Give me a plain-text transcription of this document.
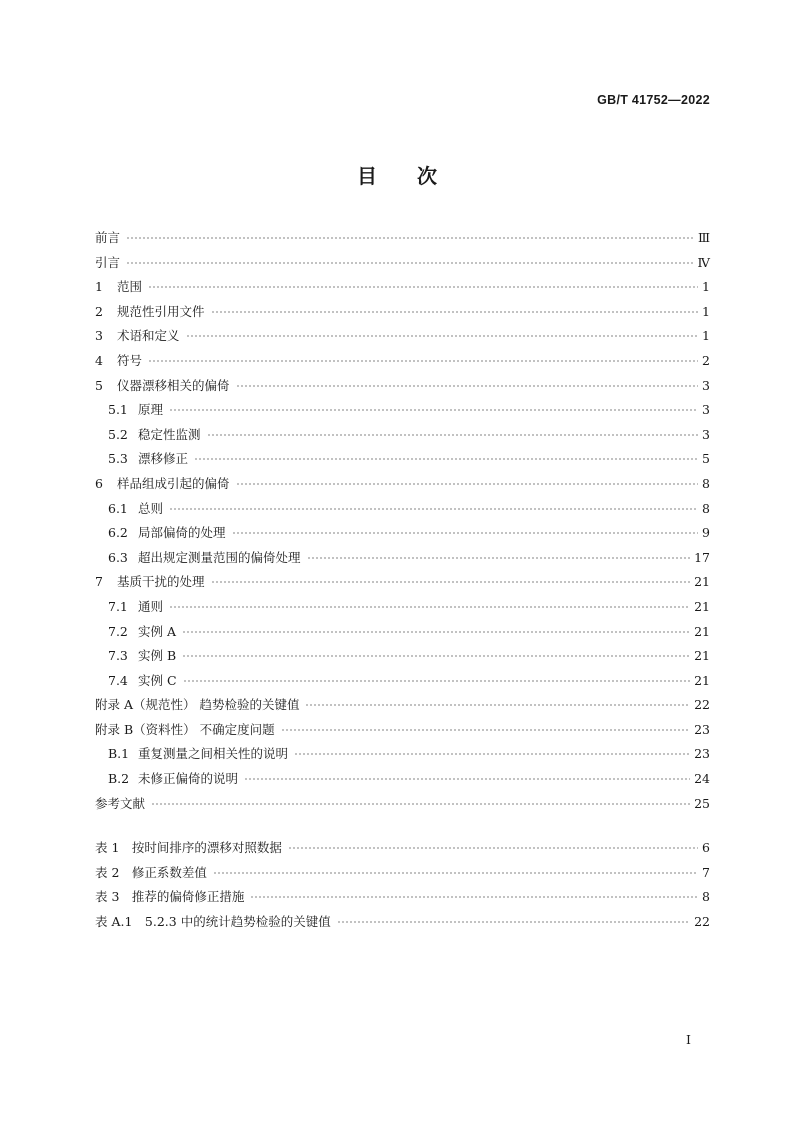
GB/T 41752—2022
目次
前言	Ⅲ
引言	Ⅳ
1	范围	1
2	规范性引用文件	1
3	术语和定义	1
4	符号	2
5	仪器漂移相关的偏倚	3
5.1 原理	3
5.2 稳定性监测	3
5.3 漂移修正	5
6	样品组成引起的偏倚	8
6.1 总则	8
6.2 局部偏倚的处理	9
6.3 超出规定测量范围的偏倚处理	17
7	基质干扰的处理	21
7.1 通则	21
7.2 实例 A	21
7.3 实例 B	21
7.4 实例 C	21
附录 A（规范性） 趋势检验的关键值	22
附录 B（资料性） 不确定度问题	23
B.1 重复测量之间相关性的说明	23
B.2 未修正偏倚的说明	24
参考文献	25
表 1　按时间排序的漂移对照数据	6
表 2　修正系数差值	7
表 3　推荐的偏倚修正措施	8
表 A.1　5.2.3 中的统计趋势检验的关键值	22
I
